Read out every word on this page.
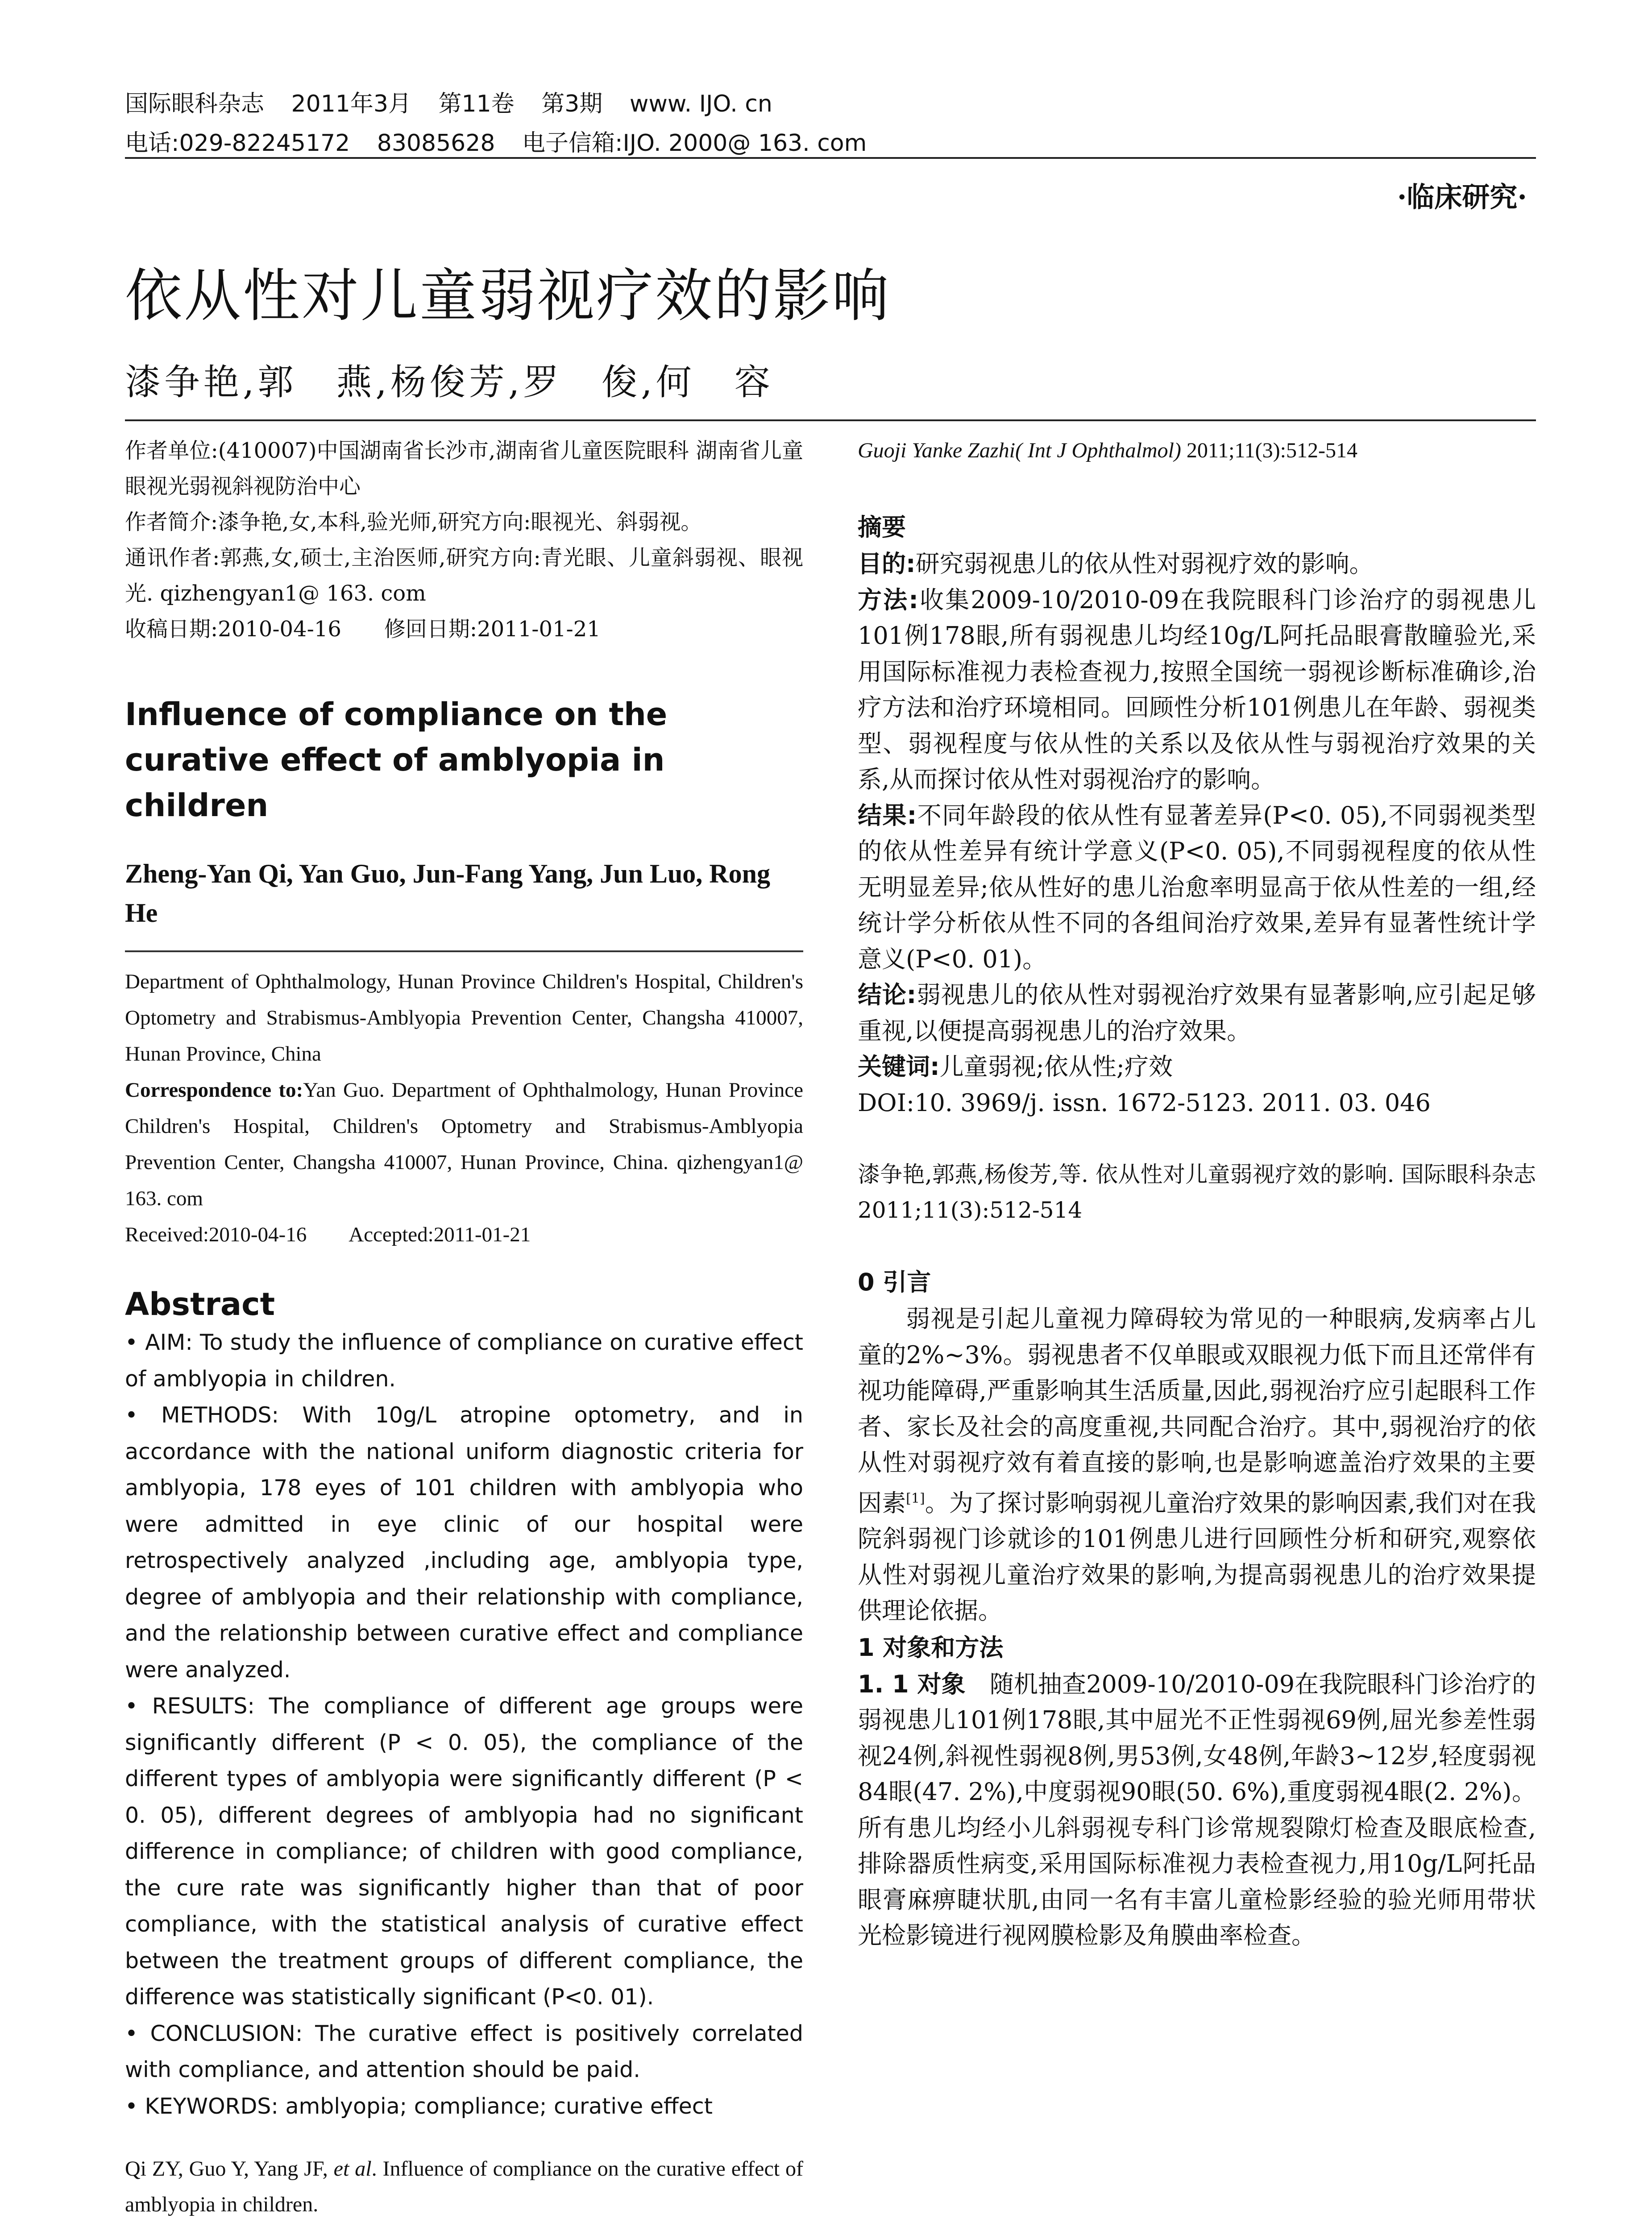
国际眼科杂志 2011年3月 第11卷 第3期 www. IJO. cn
电话:029-82245172 83085628 电子信箱:IJO. 2000@ 163. com
·临床研究·
依从性对儿童弱视疗效的影响
漆争艳,郭　燕,杨俊芳,罗　俊,何　容

作者单位:(410007)中国湖南省长沙市,湖南省儿童医院眼科 湖南省儿童眼视光弱视斜视防治中心

作者简介:漆争艳,女,本科,验光师,研究方向:眼视光、斜弱视。

通讯作者:郭燕,女,硕士,主治医师,研究方向:青光眼、儿童斜弱视、眼视光. qizhengyan1@ 163. com

收稿日期:2010-04-16　　修回日期:2011-01-21

Influence of compliance on the curative effect of amblyopia in children

Zheng-Yan Qi, Yan Guo, Jun-Fang Yang, Jun Luo, Rong He

Department of Ophthalmology, Hunan Province Children's Hospital, Children's Optometry and Strabismus-Amblyopia Prevention Center, Changsha 410007, Hunan Province, China

Correspondence to:Yan Guo. Department of Ophthalmology, Hunan Province Children's Hospital, Children's Optometry and Strabismus-Amblyopia Prevention Center, Changsha 410007, Hunan Province, China. qizhengyan1@ 163. com

Received:2010-04-16　　Accepted:2011-01-21

Abstract

• AIM: To study the influence of compliance on curative effect of amblyopia in children.

• METHODS: With 10g/L atropine optometry, and in accordance with the national uniform diagnostic criteria for amblyopia, 178 eyes of 101 children with amblyopia who were admitted in eye clinic of our hospital were retrospectively analyzed ,including age, amblyopia type, degree of amblyopia and their relationship with compliance, and the relationship between curative effect and compliance were analyzed.

• RESULTS: The compliance of different age groups were significantly different (P < 0. 05), the compliance of the different types of amblyopia were significantly different (P < 0. 05), different degrees of amblyopia had no significant difference in compliance; of children with good compliance, the cure rate was significantly higher than that of poor compliance, with the statistical analysis of curative effect between the treatment groups of different compliance, the difference was statistically significant (P<0. 01).

• CONCLUSION: The curative effect is positively correlated with compliance, and attention should be paid.

• KEYWORDS: amblyopia; compliance; curative effect

Qi ZY, Guo Y, Yang JF, et al. Influence of compliance on the curative effect of amblyopia in children.

Guoji Yanke Zazhi( Int J Ophthalmol) 2011;11(3):512-514

摘要

目的:研究弱视患儿的依从性对弱视疗效的影响。

方法:收集2009-10/2010-09在我院眼科门诊治疗的弱视患儿101例178眼,所有弱视患儿均经10g/L阿托品眼膏散瞳验光,采用国际标准视力表检查视力,按照全国统一弱视诊断标准确诊,治疗方法和治疗环境相同。回顾性分析101例患儿在年龄、弱视类型、弱视程度与依从性的关系以及依从性与弱视治疗效果的关系,从而探讨依从性对弱视治疗的影响。

结果:不同年龄段的依从性有显著差异(P<0. 05),不同弱视类型的依从性差异有统计学意义(P<0. 05),不同弱视程度的依从性无明显差异;依从性好的患儿治愈率明显高于依从性差的一组,经统计学分析依从性不同的各组间治疗效果,差异有显著性统计学意义(P<0. 01)。

结论:弱视患儿的依从性对弱视治疗效果有显著影响,应引起足够重视,以便提高弱视患儿的治疗效果。

关键词:儿童弱视;依从性;疗效

DOI:10. 3969/j. issn. 1672-5123. 2011. 03. 046

漆争艳,郭燕,杨俊芳,等. 依从性对儿童弱视疗效的影响. 国际眼科杂志 2011;11(3):512-514

0 引言

弱视是引起儿童视力障碍较为常见的一种眼病,发病率占儿童的2%~3%。弱视患者不仅单眼或双眼视力低下而且还常伴有视功能障碍,严重影响其生活质量,因此,弱视治疗应引起眼科工作者、家长及社会的高度重视,共同配合治疗。其中,弱视治疗的依从性对弱视疗效有着直接的影响,也是影响遮盖治疗效果的主要因素[1]。为了探讨影响弱视儿童治疗效果的影响因素,我们对在我院斜弱视门诊就诊的101例患儿进行回顾性分析和研究,观察依从性对弱视儿童治疗效果的影响,为提高弱视患儿的治疗效果提供理论依据。

1 对象和方法

1. 1 对象　 随机抽查2009-10/2010-09在我院眼科门诊治疗的弱视患儿101例178眼,其中屈光不正性弱视69例,屈光参差性弱视24例,斜视性弱视8例,男53例,女48例,年龄3~12岁,轻度弱视84眼(47. 2%),中度弱视90眼(50. 6%),重度弱视4眼(2. 2%)。所有患儿均经小儿斜弱视专科门诊常规裂隙灯检查及眼底检查,排除器质性病变,采用国际标准视力表检查视力,用10g/L阿托品眼膏麻痹睫状肌,由同一名有丰富儿童检影经验的验光师用带状光检影镜进行视网膜检影及角膜曲率检查。
